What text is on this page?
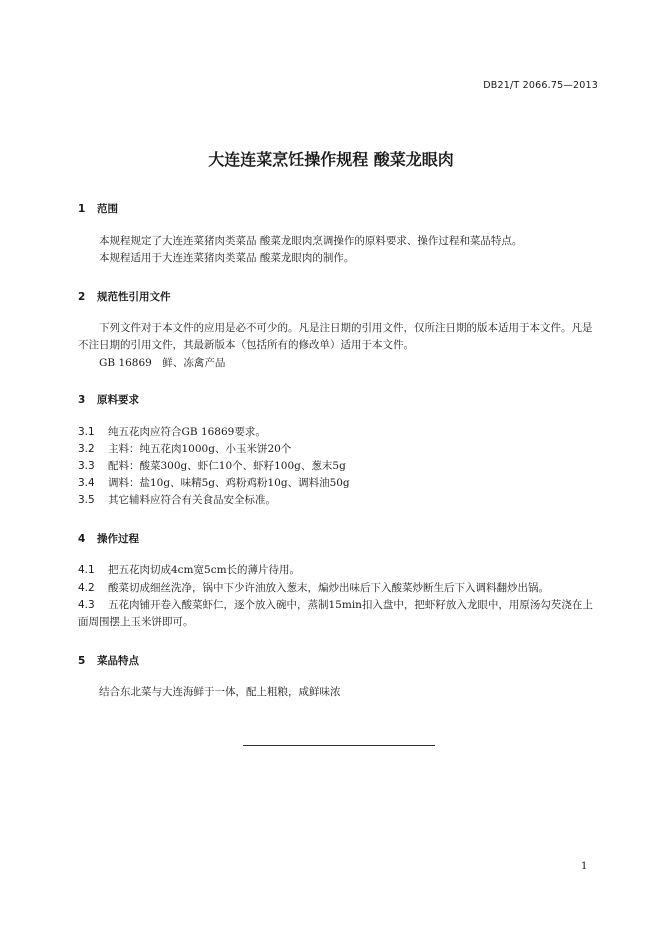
DB21/T 2066.75—2013
大连连菜烹饪操作规程 酸菜龙眼肉
1 范围

本规程规定了大连连菜猪肉类菜品 酸菜龙眼肉烹调操作的原料要求、操作过程和菜品特点。

本规程适用于大连连菜猪肉类菜品 酸菜龙眼肉的制作。

2 规范性引用文件

下列文件对于本文件的应用是必不可少的。凡是注日期的引用文件，仅所注日期的版本适用于本文件。凡是不注日期的引用文件，其最新版本（包括所有的修改单）适用于本文件。

GB 16869　鲜、冻禽产品
3 原料要求
3.1 纯五花肉应符合GB 16869要求。
3.2 主料：纯五花肉1000g、小玉米饼20个
3.3 配料：酸菜300g、虾仁10个、虾籽100g、葱末5g
3.4 调料：盐10g、味精5g、鸡粉鸡粉10g、调料油50g
3.5 其它辅料应符合有关食品安全标准。
4 操作过程
4.1 把五花肉切成4cm宽5cm长的薄片待用。
4.2 酸菜切成细丝洗净，锅中下少许油放入葱末，煸炒出味后下入酸菜炒断生后下入调料翻炒出锅。
4.3 五花肉铺开卷入酸菜虾仁，逐个放入碗中，蒸制15min扣入盘中，把虾籽放入龙眼中，用原汤勾芡浇在上面周围摆上玉米饼即可。
5 菜品特点

结合东北菜与大连海鲜于一体，配上粗粮，咸鲜味浓

1
